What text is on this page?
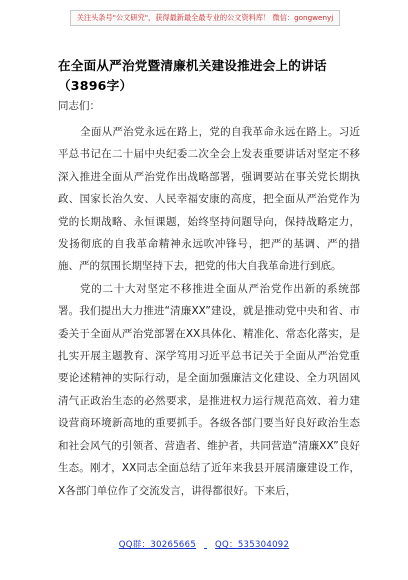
关注头条号"公文研究"，获得最新最全最专业的公文资料库！ 微信：gongwenyj
在全面从严治党暨清廉机关建设推进会上的讲话（3896字）
同志们：

全面从严治党永远在路上，党的自我革命永远在路上。习近平总书记在二十届中央纪委二次全会上发表重要讲话对坚定不移深入推进全面从严治党作出战略部署，强调要站在事关党长期执政、国家长治久安、人民幸福安康的高度，把全面从严治党作为党的长期战略、永恒课题，始终坚持问题导向，保持战略定力，发扬彻底的自我革命精神永远吹冲锋号，把严的基调、严的措施、严的氛围长期坚持下去，把党的伟大自我革命进行到底。

党的二十大对坚定不移推进全面从严治党作出新的系统部署。我们提出大力推进“清廉XX”建设，就是推动党中央和省、市委关于全面从严治党部署在XX具体化、精准化、常态化落实，是扎实开展主题教育、深学笃用习近平总书记关于全面从严治党重要论述精神的实际行动，是全面加强廉洁文化建设、全力巩固风清气正政治生态的必然要求，是推进权力运行规范高效、着力建设营商环境新高地的重要抓手。各级各部门要当好良好政治生态和社会风气的引领者、营造者、维护者，共同营造“清廉XX”良好生态。刚才，XX同志全面总结了近年来我县开展清廉建设工作，X各部门单位作了交流发言，讲得都很好。下来后，

QQ群：30265665 QQ：535304092
